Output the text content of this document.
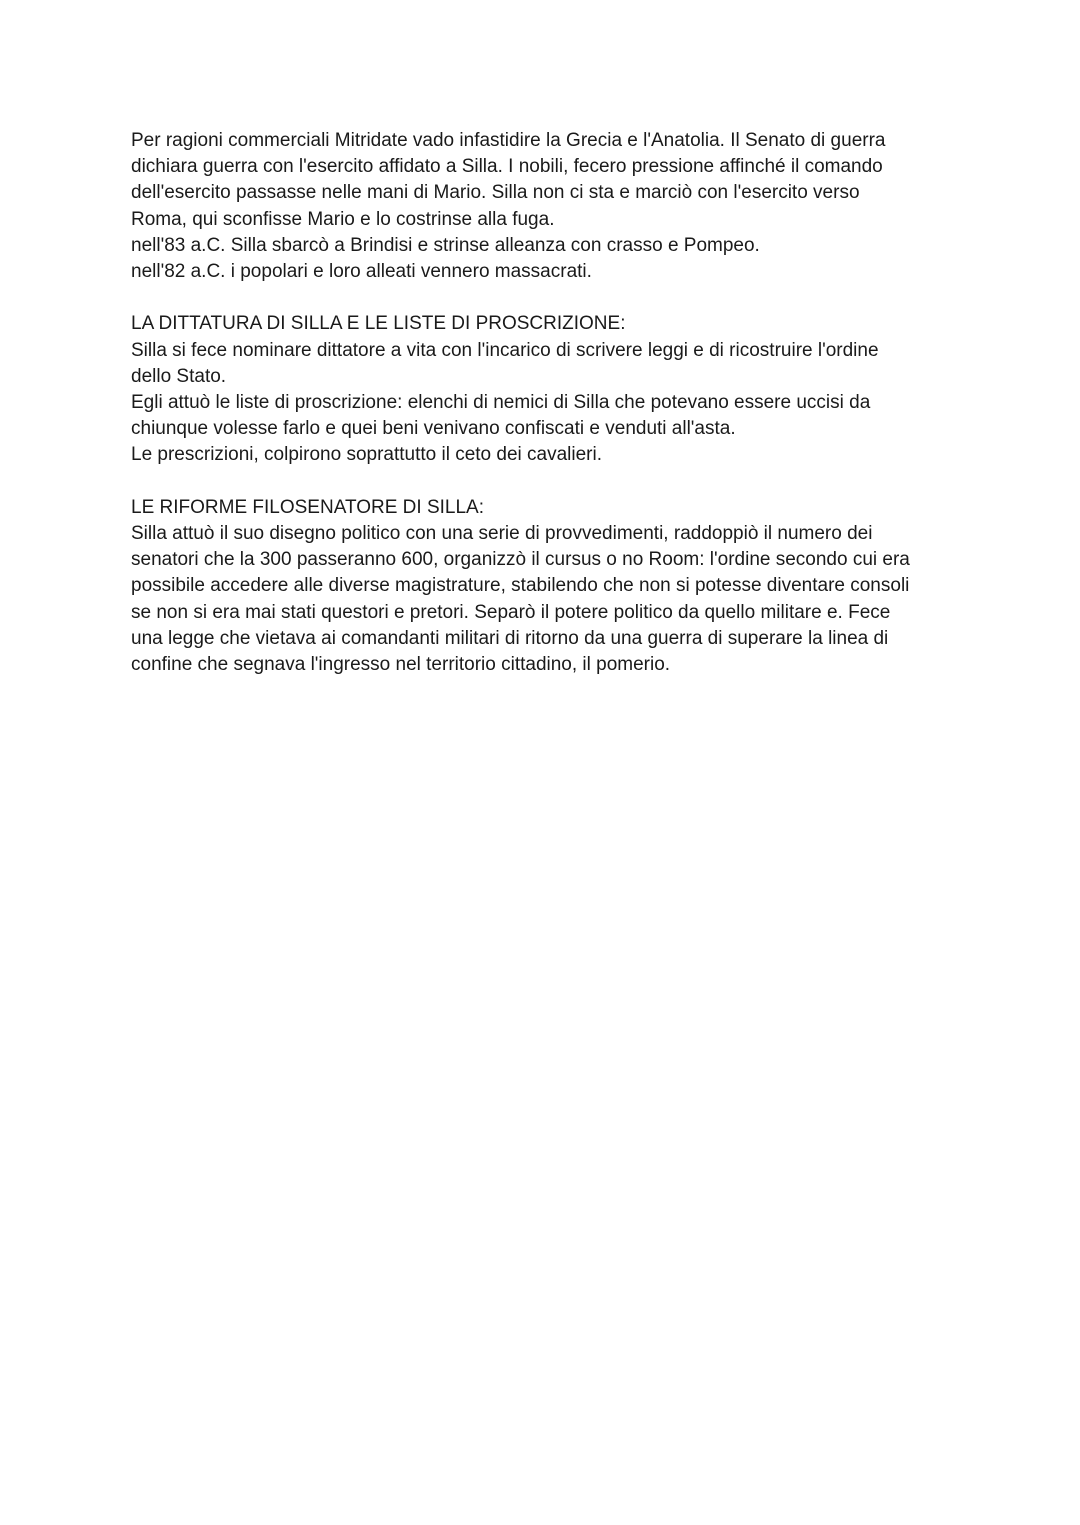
Per ragioni commerciali Mitridate vado infastidire la Grecia e l'Anatolia. Il Senato di guerra
dichiara guerra con l'esercito affidato a Silla. I nobili, fecero pressione affinché il comando
dell'esercito passasse nelle mani di Mario. Silla non ci sta e marciò con l'esercito verso
Roma, qui sconfisse Mario e lo costrinse alla fuga.
nell'83 a.C. Silla sbarcò a Brindisi e strinse alleanza con crasso e Pompeo.
nell'82 a.C. i popolari e loro alleati vennero massacrati.
LA DITTATURA DI SILLA E LE LISTE DI PROSCRIZIONE:
Silla si fece nominare dittatore a vita con l'incarico di scrivere leggi e di ricostruire l'ordine
dello Stato.
Egli attuò le liste di proscrizione: elenchi di nemici di Silla che potevano essere uccisi da
chiunque volesse farlo e quei beni venivano confiscati e venduti all'asta.
Le prescrizioni, colpirono soprattutto il ceto dei cavalieri.
LE RIFORME FILOSENATORE DI SILLA:
Silla attuò il suo disegno politico con una serie di provvedimenti, raddoppiò il numero dei
senatori che la 300 passeranno 600, organizzò il cursus o no Room: l'ordine secondo cui era
possibile accedere alle diverse magistrature, stabilendo che non si potesse diventare consoli
se non si era mai stati questori e pretori. Separò il potere politico da quello militare e. Fece
una legge che vietava ai comandanti militari di ritorno da una guerra di superare la linea di
confine che segnava l'ingresso nel territorio cittadino, il pomerio.
